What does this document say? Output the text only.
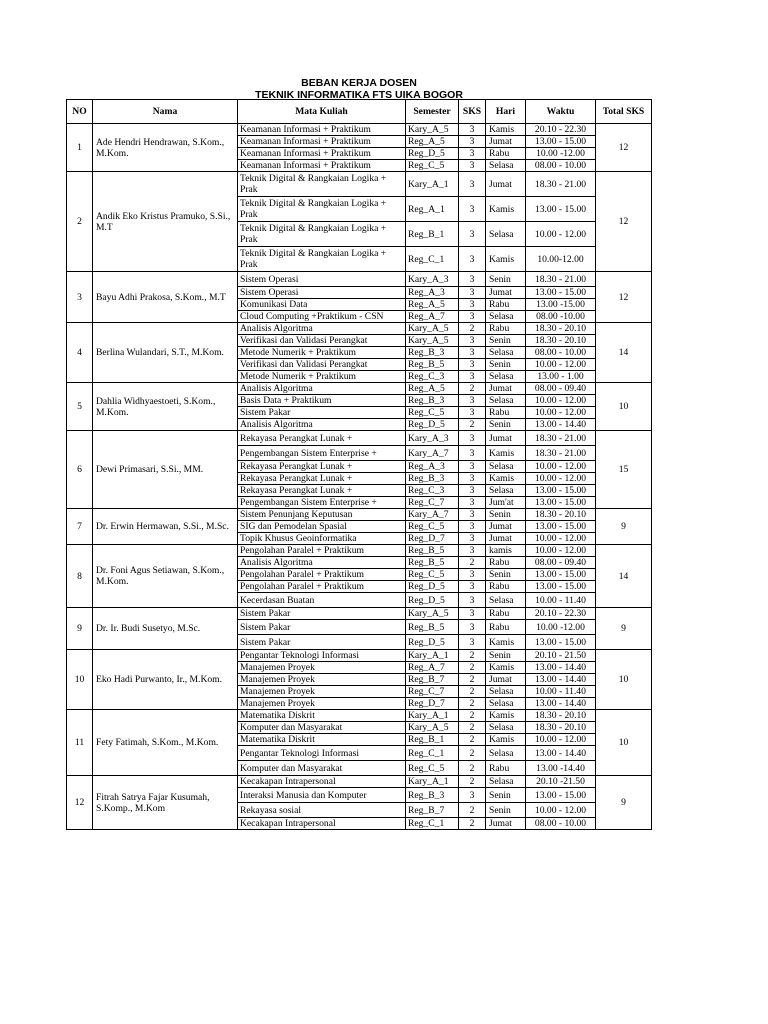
BEBAN KERJA DOSEN
TEKNIK INFORMATIKA FTS UIKA BOGOR
NO	Nama	Mata Kuliah	Semester	SKS	Hari	Waktu	Total SKS
1	Ade Hendri Hendrawan, S.Kom., M.Kom.	Keamanan Informasi + Praktikum	Kary_A_5	3	Kamis	20.10 - 22.30	12
		Keamanan Informasi + Praktikum	Reg_A_5	3	Jumat	13.00 - 15.00	
		Keamanan Informasi + Praktikum	Reg_D_5	3	Rabu	10.00 -12.00	
		Keamanan Informasi + Praktikum	Reg_C_5	3	Selasa	08.00 - 10.00	
2	Andik Eko Kristus Pramuko, S.Si., M.T	Teknik Digital & Rangkaian Logika + Prak	Kary_A_1	3	Jumat	18.30 - 21.00	12
		Teknik Digital & Rangkaian Logika + Prak	Reg_A_1	3	Kamis	13.00 - 15.00	
		Teknik Digital & Rangkaian Logika + Prak	Reg_B_1	3	Selasa	10.00 - 12.00	
		Teknik Digital & Rangkaian Logika + Prak	Reg_C_1	3	Kamis	10.00-12.00	
3	Bayu Adhi Prakosa, S.Kom., M.T	Sistem Operasi	Kary_A_3	3	Senin	18.30 - 21.00	12
		Sistem Operasi	Reg_A_3	3	Jumat	13.00 - 15.00	
		Komunikasi Data	Reg_A_5	3	Rabu	13.00 -15.00	
		Cloud Computing +Praktikum - CSN	Reg_A_7	3	Selasa	08.00 -10.00	
4	Berlina Wulandari, S.T., M.Kom.	Analisis Algoritma	Kary_A_5	2	Rabu	18.30 - 20.10	14
		Verifikasi dan Validasi Perangkat	Kary_A_5	3	Senin	18.30 - 20.10	
		Metode Numerik + Praktikum	Reg_B_3	3	Selasa	08.00 - 10.00	
		Verifikasi dan Validasi Perangkat	Reg_B_5	3	Senin	10.00 - 12.00	
		Metode Numerik + Praktikum	Reg_C_3	3	Selasa	13.00 - 1.00	
5	Dahlia Widhyaestoeti, S.Kom., M.Kom.	Analisis Algoritma	Reg_A_5	2	Jumat	08.00 - 09.40	10
		Basis Data + Praktikum	Reg_B_3	3	Selasa	10.00 - 12.00	
		Sistem Pakar	Reg_C_5	3	Rabu	10.00 - 12.00	
		Analisis Algoritma	Reg_D_5	2	Senin	13.00 - 14.40	
6	Dewi Primasari, S.Si., MM.	Rekayasa Perangkat Lunak +	Kary_A_3	3	Jumat	18.30 - 21.00	15
		Pengembangan Sistem Enterprise +	Kary_A_7	3	Kamis	18.30 - 21.00	
		Rekayasa Perangkat Lunak +	Reg_A_3	3	Selasa	10.00 - 12.00	
		Rekayasa Perangkat Lunak +	Reg_B_3	3	Kamis	10.00 - 12.00	
		Rekayasa Perangkat Lunak +	Reg_C_3	3	Selasa	13.00 - 15.00	
		Pengembangan Sistem Enterprise +	Reg_C_7	3	Jum'at	13.00 - 15.00	
7	Dr. Erwin Hermawan, S.Si., M.Sc.	Sistem Penunjang Keputusan	Kary_A_7	3	Senin	18.30 - 20.10	9
		SIG dan Pemodelan Spasial	Reg_C_5	3	Jumat	13.00 - 15.00	
		Topik Khusus Geoinformatika	Reg_D_7	3	Jumat	10.00 - 12.00	
8	Dr. Foni Agus Setiawan, S.Kom., M.Kom.	Pengolahan Paralel + Praktikum	Reg_B_5	3	kamis	10.00 - 12.00	14
		Analisis Algoritma	Reg_B_5	2	Rabu	08.00 - 09.40	
		Pengolahan Paralel + Praktikum	Reg_C_5	3	Senin	13.00 - 15.00	
		Pengolahan Paralel + Praktikum	Reg_D_5	3	Rabu	13.00 - 15.00	
		Kecerdasan Buatan	Reg_D_5	3	Selasa	10.00 - 11.40	
9	Dr. Ir. Budi Susetyo, M.Sc.	Sistem Pakar	Kary_A_5	3	Rabu	20.10 - 22.30	9
		Sistem Pakar	Reg_B_5	3	Rabu	10.00 -12.00	
		Sistem Pakar	Reg_D_5	3	Kamis	13.00 - 15.00	
10	Eko Hadi Purwanto, Ir., M.Kom.	Pengantar Teknologi Informasi	Kary_A_1	2	Senin	20.10 - 21.50	10
		Manajemen Proyek	Reg_A_7	2	Kamis	13.00 - 14.40	
		Manajemen Proyek	Reg_B_7	2	Jumat	13.00 - 14.40	
		Manajemen Proyek	Reg_C_7	2	Selasa	10.00 - 11.40	
		Manajemen Proyek	Reg_D_7	2	Selasa	13.00 - 14.40	
11	Fety Fatimah, S.Kom., M.Kom.	Matematika Diskrit	Kary_A_1	2	Kamis	18.30 - 20.10	10
		Komputer dan Masyarakat	Kary_A_5	2	Selasa	18.30 - 20.10	
		Matematika Diskrit	Reg_B_1	2	Kamis	10.00 - 12.00	
		Pengantar Teknologi Informasi	Reg_C_1	2	Selasa	13.00 - 14.40	
		Komputer dan Masyarakat	Reg_C_5	2	Rabu	13.00 -14.40	
12	Fitrah Satrya Fajar Kusumah, S.Komp., M.Kom	Kecakapan Intrapersonal	Kary_A_1	2	Selasa	20.10 -21.50	9
		Interaksi Manusia dan Komputer	Reg_B_3	3	Senin	13.00 - 15.00	
		Rekayasa sosial	Reg_B_7	2	Senin	10.00 - 12.00	
		Kecakapan Intrapersonal	Reg_C_1	2	Jumat	08.00 - 10.00	
